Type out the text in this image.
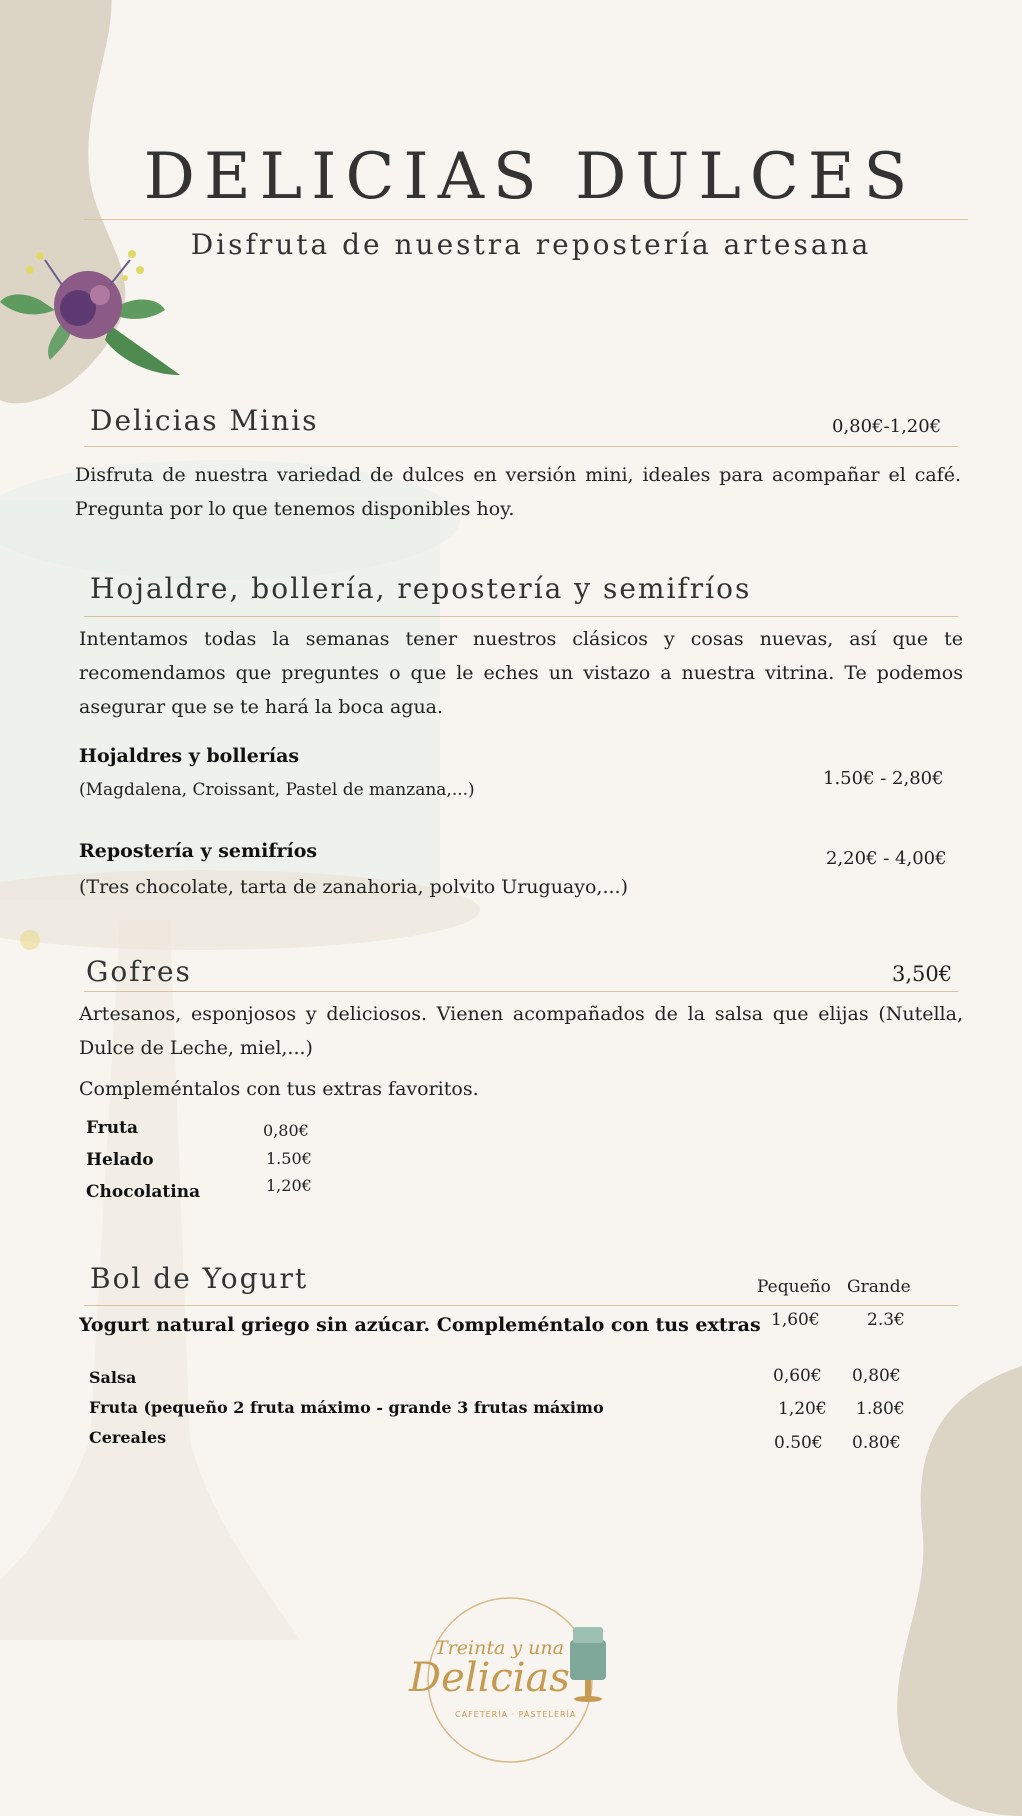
DELICIAS DULCES
Disfruta de nuestra repostería artesana
Delicias Minis	0,80€-1,20€
Disfruta de nuestra variedad de dulces en versión mini, ideales para acompañar el café. Pregunta por lo que tenemos disponibles hoy.
Hojaldre, bollería, repostería y semifríos
Intentamos todas la semanas tener nuestros clásicos y cosas nuevas, así que te recomendamos que preguntes o que le eches un vistazo a nuestra vitrina. Te podemos asegurar que se te hará la boca agua.
Hojaldres y bollerías
(Magdalena, Croissant, Pastel de manzana,...)
1.50€ - 2,80€
Repostería y semifríos
(Tres chocolate, tarta de zanahoria, polvito Uruguayo,...)
2,20€ - 4,00€
Gofres	3,50€
Artesanos, esponjosos y deliciosos. Vienen acompañados de la salsa que elijas (Nutella, Dulce de Leche, miel,...)
Compleméntalos con tus extras favoritos.
Fruta	0,80€
Helado	1.50€
Chocolatina	1,20€
Bol de Yogurt	Pequeño Grande
Yogurt natural griego sin azúcar. Compleméntalo con tus extras 1,60€	2.3€
Salsa	0,60€ 0,80€
Fruta (pequeño 2 fruta máximo - grande 3 frutas máximo	1,20€ 1.80€
Cereales	0.50€ 0.80€
Treinta y una
Delicias
CAFETERÍA · PASTELERÍA
